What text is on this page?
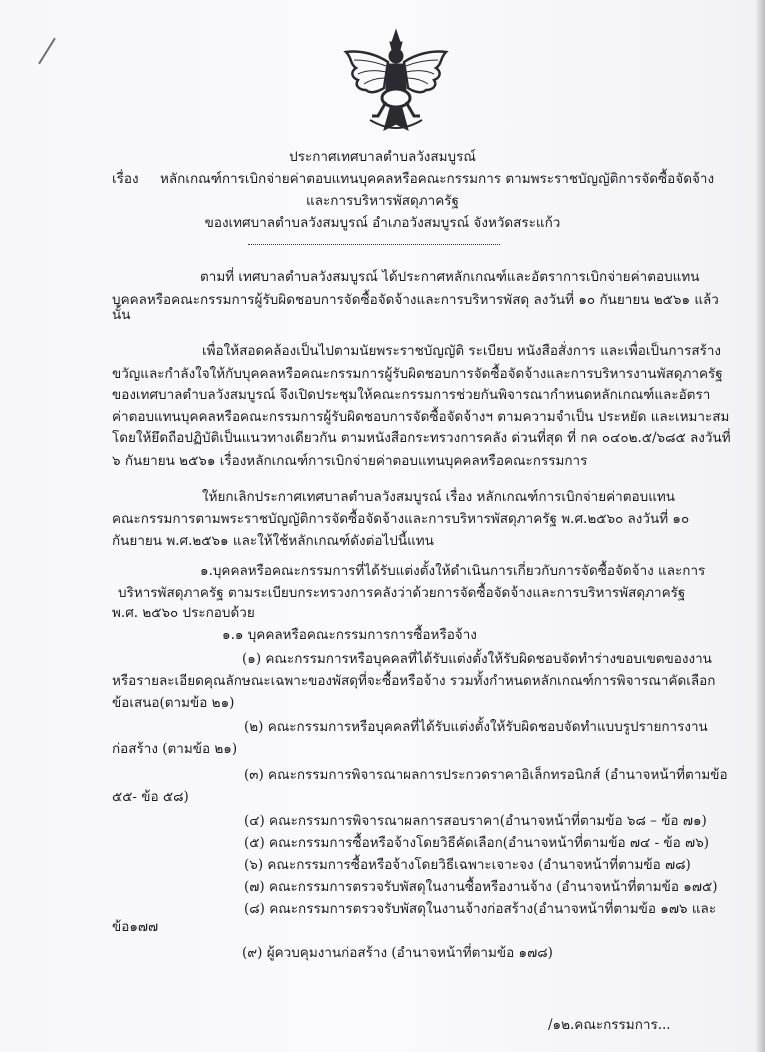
ประกาศเทศบาลตำบลวังสมบูรณ์
เรื่อง หลักเกณฑ์การเบิกจ่ายค่าตอบแทนบุคคลหรือคณะกรรมการ ตามพระราชบัญญัติการจัดซื้อจัดจ้าง
และการบริหารพัสดุภาครัฐ
ของเทศบาลตำบลวังสมบูรณ์ อำเภอวังสมบูรณ์ จังหวัดสระแก้ว
ตามที่ เทศบาลตำบลวังสมบูรณ์ ได้ประกาศหลักเกณฑ์และอัตราการเบิกจ่ายค่าตอบแทน
บุคคลหรือคณะกรรมการผู้รับผิดชอบการจัดซื้อจัดจ้างและการบริหารพัสดุ ลงวันที่ ๑๐ กันยายน ๒๕๖๑ แล้ว
นั้น
เพื่อให้สอดคล้องเป็นไปตามนัยพระราชบัญญัติ ระเบียบ หนังสือสั่งการ และเพื่อเป็นการสร้าง
ขวัญและกำลังใจให้กับบุคคลหรือคณะกรรมการผู้รับผิดชอบการจัดซื้อจัดจ้างและการบริหารงานพัสดุภาครัฐ
ของเทศบาลตำบลวังสมบูรณ์ จึงเปิดประชุมให้คณะกรรมการช่วยกันพิจารณากำหนดหลักเกณฑ์และอัตรา
ค่าตอบแทนบุคคลหรือคณะกรรมการผู้รับผิดชอบการจัดซื้อจัดจ้างฯ ตามความจำเป็น ประหยัด และเหมาะสม
โดยให้ยึดถือปฏิบัติเป็นแนวทางเดียวกัน ตามหนังสือกระทรวงการคลัง ด่วนที่สุด ที่ กค ๐๔๐๒.๕/๖๘๕ ลงวันที่
๖ กันยายน ๒๕๖๑ เรื่องหลักเกณฑ์การเบิกจ่ายค่าตอบแทนบุคคลหรือคณะกรรมการ
ให้ยกเลิกประกาศเทศบาลตำบลวังสมบูรณ์ เรื่อง หลักเกณฑ์การเบิกจ่ายค่าตอบแทน
คณะกรรมการตามพระราชบัญญัติการจัดซื้อจัดจ้างและการบริหารพัสดุภาครัฐ พ.ศ.๒๕๖๐ ลงวันที่ ๑๐
กันยายน พ.ศ.๒๕๖๑ และให้ใช้หลักเกณฑ์ดังต่อไปนี้แทน
๑.บุคคลหรือคณะกรรมการที่ได้รับแต่งตั้งให้ดำเนินการเกี่ยวกับการจัดซื้อจัดจ้าง และการ
บริหารพัสดุภาครัฐ ตามระเบียบกระทรวงการคลังว่าด้วยการจัดซื้อจัดจ้างและการบริหารพัสดุภาครัฐ
พ.ศ. ๒๕๖๐ ประกอบด้วย
๑.๑ บุคคลหรือคณะกรรมการการซื้อหรือจ้าง
(๑) คณะกรรมการหรือบุคคลที่ได้รับแต่งตั้งให้รับผิดชอบจัดทำร่างขอบเขตของงาน
หรือรายละเอียดคุณลักษณะเฉพาะของพัสดุที่จะซื้อหรือจ้าง รวมทั้งกำหนดหลักเกณฑ์การพิจารณาคัดเลือก
ข้อเสนอ(ตามข้อ ๒๑)
(๒) คณะกรรมการหรือบุคคลที่ได้รับแต่งตั้งให้รับผิดชอบจัดทำแบบรูปรายการงาน
ก่อสร้าง (ตามข้อ ๒๑)
(๓) คณะกรรมการพิจารณาผลการประกวดราคาอิเล็กทรอนิกส์ (อำนาจหน้าที่ตามข้อ
๕๕- ข้อ ๕๘)
(๔) คณะกรรมการพิจารณาผลการสอบราคา(อำนาจหน้าที่ตามข้อ ๖๘ – ข้อ ๗๑)
(๕) คณะกรรมการซื้อหรือจ้างโดยวิธีคัดเลือก(อำนาจหน้าที่ตามข้อ ๗๔ - ข้อ ๗๖)
(๖) คณะกรรมการซื้อหรือจ้างโดยวิธีเฉพาะเจาะจง (อำนาจหน้าที่ตามข้อ ๗๘)
(๗) คณะกรรมการตรวจรับพัสดุในงานซื้อหรืองานจ้าง (อำนาจหน้าที่ตามข้อ ๑๗๕)
(๘) คณะกรรมการตรวจรับพัสดุในงานจ้างก่อสร้าง(อำนาจหน้าที่ตามข้อ ๑๗๖ และ
ข้อ๑๗๗
(๙) ผู้ควบคุมงานก่อสร้าง (อำนาจหน้าที่ตามข้อ ๑๗๘)
/๑๒.คณะกรรมการ...
